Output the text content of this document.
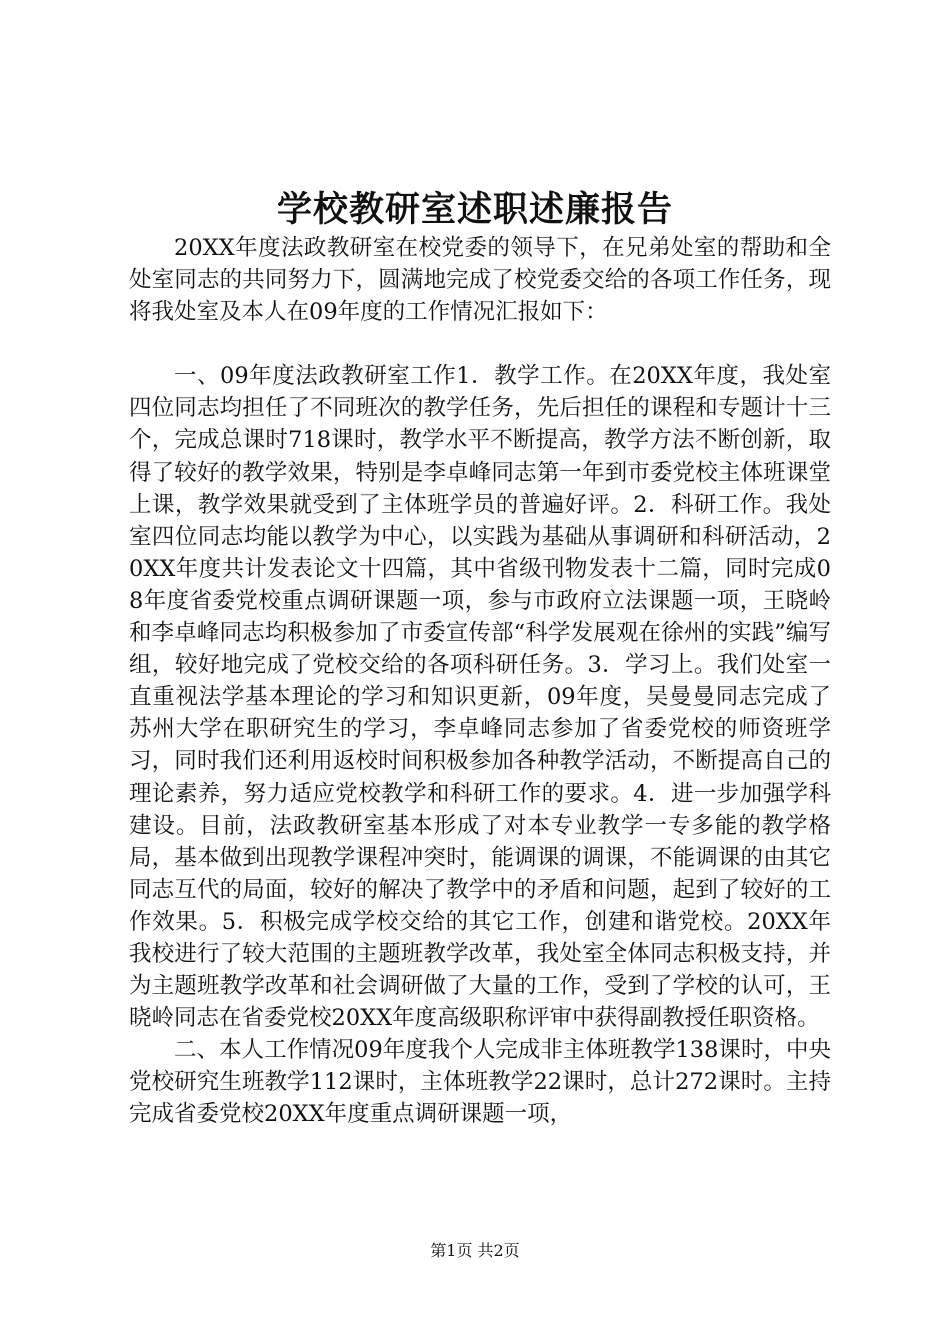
学校教研室述职述廉报告

20XX年度法政教研室在校党委的领导下，在兄弟处室的帮助和全处室同志的共同努力下，圆满地完成了校党委交给的各项工作任务，现将我处室及本人在09年度的工作情况汇报如下：

一、09年度法政教研室工作1．教学工作。在20XX年度，我处室四位同志均担任了不同班次的教学任务，先后担任的课程和专题计十三个，完成总课时718课时，教学水平不断提高，教学方法不断创新，取得了较好的教学效果，特别是李卓峰同志第一年到市委党校主体班课堂上课，教学效果就受到了主体班学员的普遍好评。2．科研工作。我处室四位同志均能以教学为中心，以实践为基础从事调研和科研活动，20XX年度共计发表论文十四篇，其中省级刊物发表十二篇，同时完成08年度省委党校重点调研课题一项，参与市政府立法课题一项，王晓岭和李卓峰同志均积极参加了市委宣传部“科学发展观在徐州的实践”编写组，较好地完成了党校交给的各项科研任务。3．学习上。我们处室一直重视法学基本理论的学习和知识更新，09年度，吴曼曼同志完成了苏州大学在职研究生的学习，李卓峰同志参加了省委党校的师资班学习，同时我们还利用返校时间积极参加各种教学活动，不断提高自己的理论素养，努力适应党校教学和科研工作的要求。4．进一步加强学科建设。目前，法政教研室基本形成了对本专业教学一专多能的教学格局，基本做到出现教学课程冲突时，能调课的调课，不能调课的由其它同志互代的局面，较好的解决了教学中的矛盾和问题，起到了较好的工作效果。5．积极完成学校交给的其它工作，创建和谐党校。20XX年我校进行了较大范围的主题班教学改革，我处室全体同志积极支持，并为主题班教学改革和社会调研做了大量的工作，受到了学校的认可，王晓岭同志在省委党校20XX年度高级职称评审中获得副教授任职资格。

二、本人工作情况09年度我个人完成非主体班教学138课时，中央党校研究生班教学112课时，主体班教学22课时，总计272课时。主持完成省委党校20XX年度重点调研课题一项，

第1页 共2页
